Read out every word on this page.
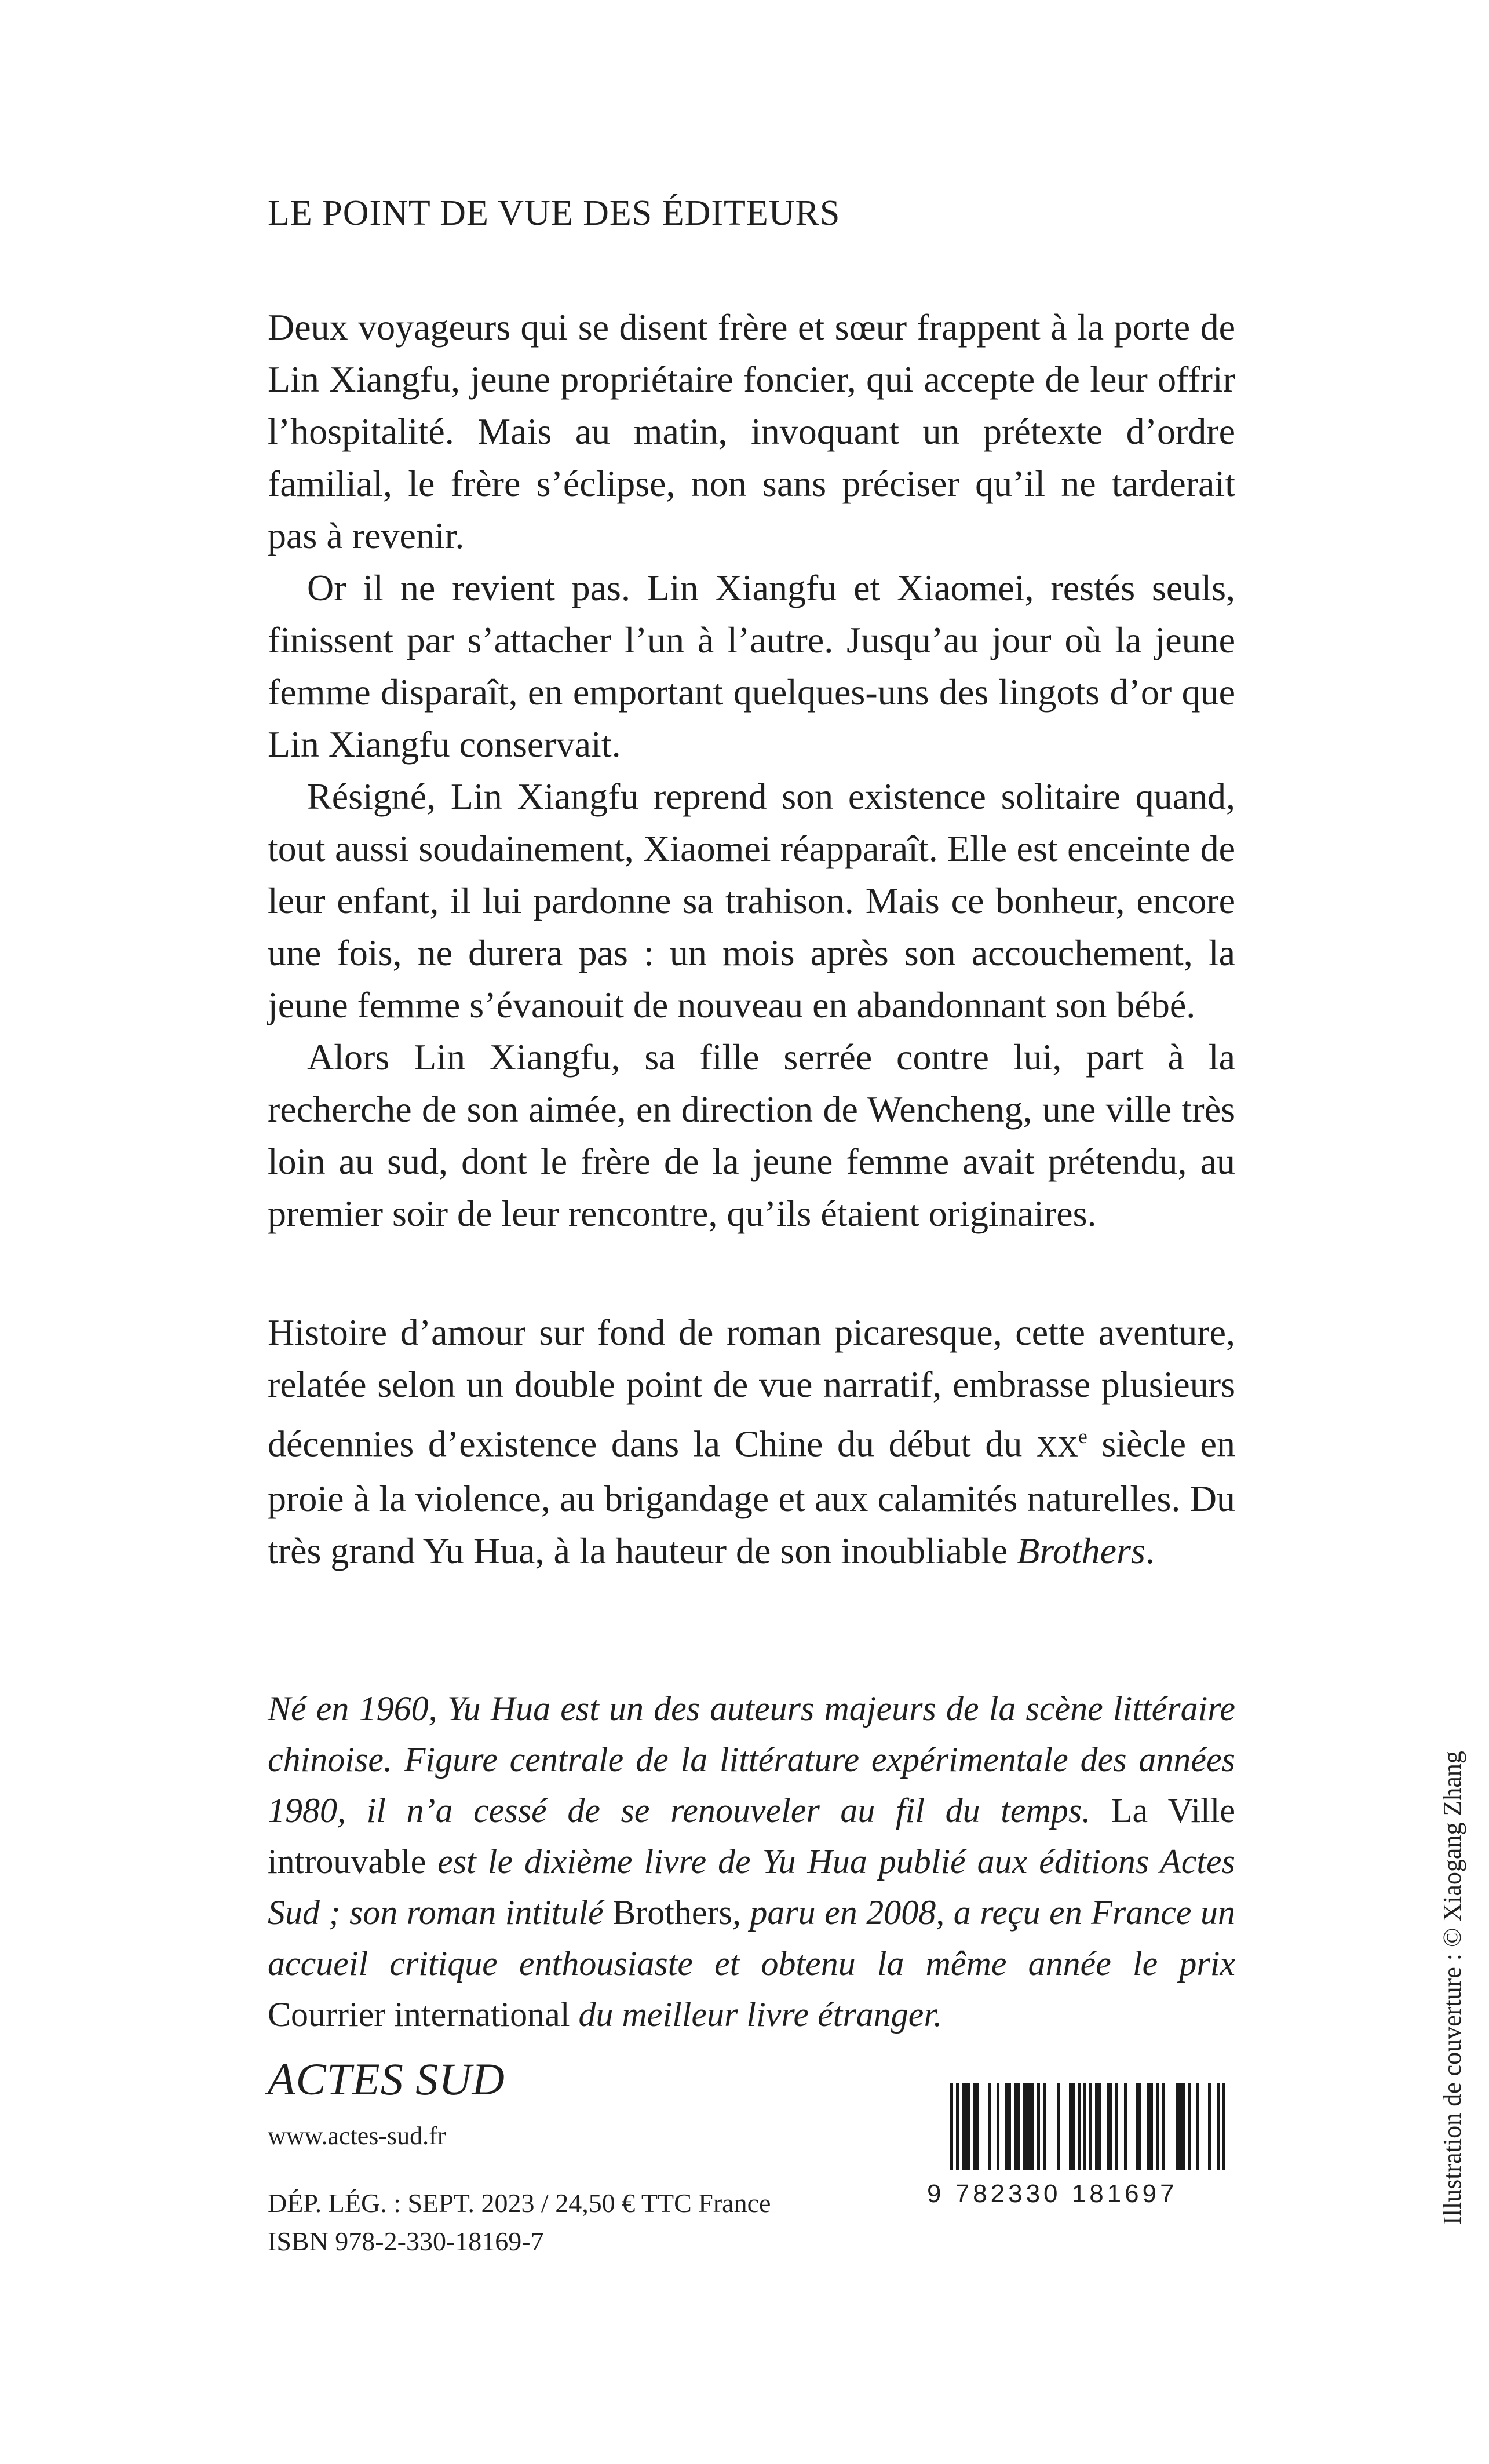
LE POINT DE VUE DES ÉDITEURS

Deux voyageurs qui se disent frère et sœur frappent à la porte de Lin Xiangfu, jeune propriétaire foncier, qui accepte de leur offrir l’hospitalité. Mais au matin, invoquant un prétexte d’ordre familial, le frère s’éclipse, non sans préciser qu’il ne tarderait pas à revenir.

Or il ne revient pas. Lin Xiangfu et Xiaomei, restés seuls, finissent par s’attacher l’un à l’autre. Jusqu’au jour où la jeune femme disparaît, en emportant quelques-uns des lingots d’or que Lin Xiangfu conservait.

Résigné, Lin Xiangfu reprend son existence solitaire quand, tout aussi soudainement, Xiaomei réapparaît. Elle est enceinte de leur enfant, il lui pardonne sa trahison. Mais ce bonheur, encore une fois, ne durera pas : un mois après son accouchement, la jeune femme s’évanouit de nouveau en abandonnant son bébé.

Alors Lin Xiangfu, sa fille serrée contre lui, part à la recherche de son aimée, en direction de Wencheng, une ville très loin au sud, dont le frère de la jeune femme avait prétendu, au premier soir de leur rencontre, qu’ils étaient originaires.

Histoire d’amour sur fond de roman picaresque, cette aventure, relatée selon un double point de vue narratif, embrasse plusieurs décennies d’existence dans la Chine du début du XXe siècle en proie à la violence, au brigandage et aux calamités naturelles. Du très grand Yu Hua, à la hauteur de son inoubliable Brothers.

Né en 1960, Yu Hua est un des auteurs majeurs de la scène littéraire chinoise. Figure centrale de la littérature expérimentale des années 1980, il n’a cessé de se renouveler au fil du temps. La Ville introuvable est le dixième livre de Yu Hua publié aux éditions Actes Sud ; son roman intitulé Brothers, paru en 2008, a reçu en France un accueil critique enthousiaste et obtenu la même année le prix Courrier international du meilleur livre étranger.

ACTES SUD
www.actes-sud.fr
DÉP. LÉG. : SEPT. 2023 / 24,50 € TTC France
ISBN 978-2-330-18169-7
9 782330 181697	Illustration de couverture : © Xiaogang Zhang
